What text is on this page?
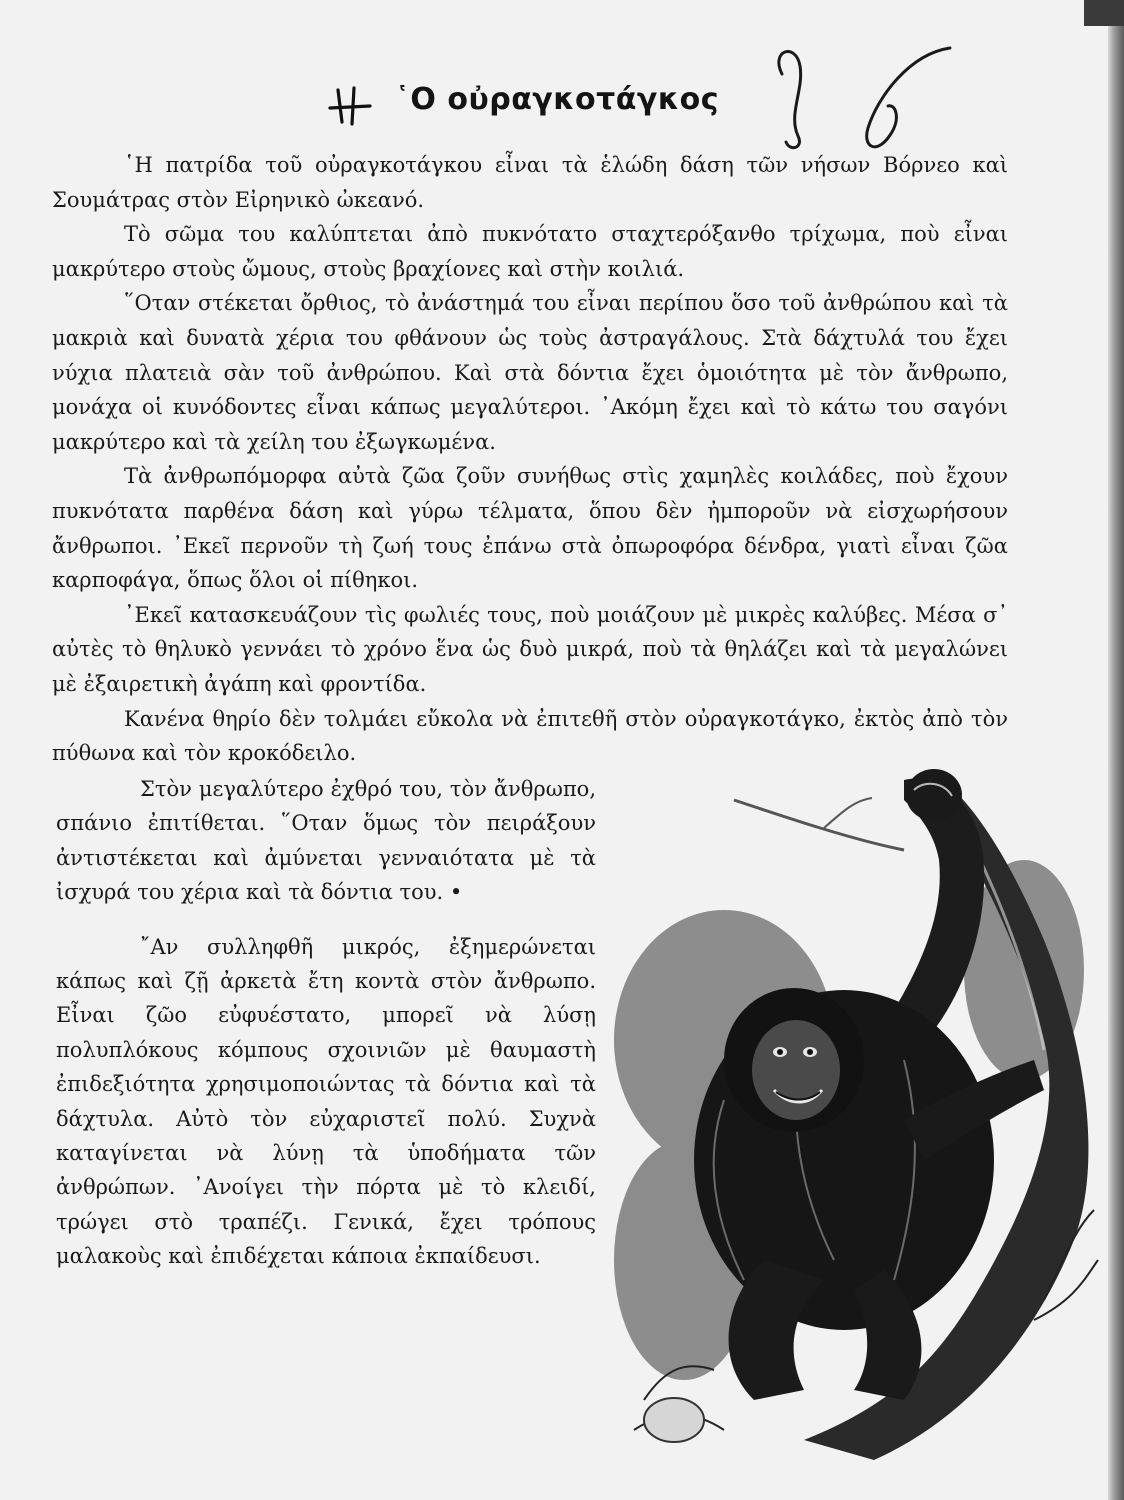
῾Ο οὐραγκοτάγκος

῾Η πατρίδα τοῦ οὐραγκοτάγκου εἶναι τὰ ἑλώδη δάση τῶν νήσων Βόρνεο καὶ Σουμάτρας στὸν Εἰρηνικὸ ὠκεανό.

Τὸ σῶμα του καλύπτεται ἀπὸ πυκνότατο σταχτερόξανθο τρίχωμα, ποὺ εἶναι μακρύτερο στοὺς ὤμους, στοὺς βραχίονες καὶ στὴν κοιλιά.

῞Οταν στέκεται ὄρθιος, τὸ ἀνάστημά του εἶναι περίπου ὅσο τοῦ ἀνθρώπου καὶ τὰ μακριὰ καὶ δυνατὰ χέρια του φθάνουν ὡς τοὺς ἀστραγάλους. Στὰ δάχτυλά του ἔχει νύχια πλατειὰ σὰν τοῦ ἀνθρώπου. Καὶ στὰ δόντια ἔχει ὁμοιότητα μὲ τὸν ἄνθρωπο, μονάχα οἱ κυνόδοντες εἶναι κάπως μεγαλύτεροι. ᾿Ακόμη ἔχει καὶ τὸ κάτω του σαγόνι μακρύτερο καὶ τὰ χείλη του ἐξωγκωμένα.

Τὰ ἀνθρωπόμορφα αὐτὰ ζῶα ζοῦν συνήθως στὶς χαμηλὲς κοιλάδες, ποὺ ἔχουν πυκνότατα παρθένα δάση καὶ γύρω τέλματα, ὅπου δὲν ἠμποροῦν νὰ εἰσχωρήσουν ἄνθρωποι. ᾿Εκεῖ περνοῦν τὴ ζωή τους ἐπάνω στὰ ὀπωροφόρα δένδρα, γιατὶ εἶναι ζῶα καρποφάγα, ὅπως ὅλοι οἱ πίθηκοι.

᾿Εκεῖ κατασκευάζουν τὶς φωλιές τους, ποὺ μοιάζουν μὲ μικρὲς καλύβες. Μέσα σ᾿ αὐτὲς τὸ θηλυκὸ γεννάει τὸ χρόνο ἕνα ὡς δυὸ μικρά, ποὺ τὰ θηλάζει καὶ τὰ μεγαλώνει μὲ ἐξαιρετικὴ ἀγάπη καὶ φροντίδα.

Κανένα θηρίο δὲν τολμάει εὔκολα νὰ ἐπιτεθῆ στὸν οὐραγκοτάγκο, ἐκτὸς ἀπὸ τὸν πύθωνα καὶ τὸν κροκόδειλο.

Στὸν μεγαλύτερο ἐχθρό του, τὸν ἄνθρωπο, σπάνιο ἐπιτίθεται. ῞Οταν ὅμως τὸν πειράξουν ἀντιστέκεται καὶ ἀμύνεται γενναιότατα μὲ τὰ ἰσχυρά του χέρια καὶ τὰ δόντια του. •

῎Αν συλληφθῆ μικρός, ἐξημερώνεται κάπως καὶ ζῇ ἀρκετὰ ἔτη κοντὰ στὸν ἄνθρωπο. Εἶναι ζῶο εὐφυέστατο, μπορεῖ νὰ λύσῃ πολυπλόκους κόμπους σχοινιῶν μὲ θαυμαστὴ ἐπιδεξιότητα χρησιμοποιώντας τὰ δόντια καὶ τὰ δάχτυλα. Αὐτὸ τὸν εὐχαριστεῖ πολύ. Συχνὰ καταγίνεται νὰ λύνῃ τὰ ὑποδήματα τῶν ἀνθρώπων. ᾿Ανοίγει τὴν πόρτα μὲ τὸ κλειδί, τρώγει στὸ τραπέζι. Γενικά, ἔχει τρόπους μαλακοὺς καὶ ἐπιδέχεται κάποια ἐκπαίδευσι.
